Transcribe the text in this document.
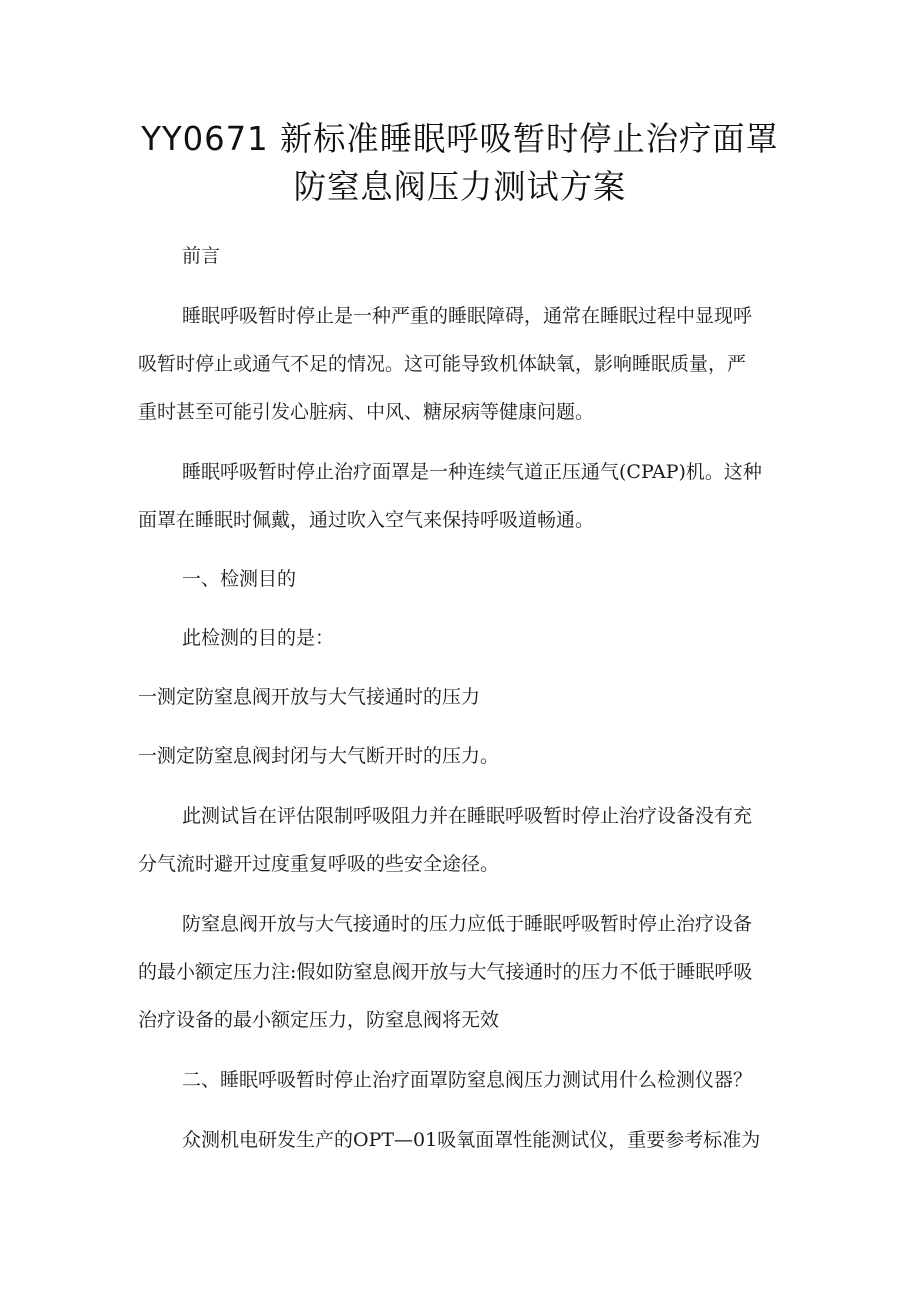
YY0671 新标准睡眠呼吸暂时停止治疗面罩
防窒息阀压力测试方案
前言
睡眠呼吸暂时停止是一种严重的睡眠障碍，通常在睡眠过程中显现呼
吸暂时停止或通气不足的情况。这可能导致机体缺氧，影响睡眠质量，严
重时甚至可能引发心脏病、中风、糖尿病等健康问题。
睡眠呼吸暂时停止治疗面罩是一种连续气道正压通气(CPAP)机。这种
面罩在睡眠时佩戴，通过吹入空气来保持呼吸道畅通。
一、检测目的
此检测的目的是：
一测定防窒息阀开放与大气接通时的压力
一测定防窒息阀封闭与大气断开时的压力。
此测试旨在评估限制呼吸阻力并在睡眠呼吸暂时停止治疗设备没有充
分气流时避开过度重复呼吸的些安全途径。
防窒息阀开放与大气接通时的压力应低于睡眠呼吸暂时停止治疗设备
的最小额定压力注:假如防窒息阀开放与大气接通时的压力不低于睡眠呼吸
治疗设备的最小额定压力，防窒息阀将无效
二、睡眠呼吸暂时停止治疗面罩防窒息阀压力测试用什么检测仪器？
众测机电研发生产的OPT—01吸氧面罩性能测试仪，重要参考标准为
